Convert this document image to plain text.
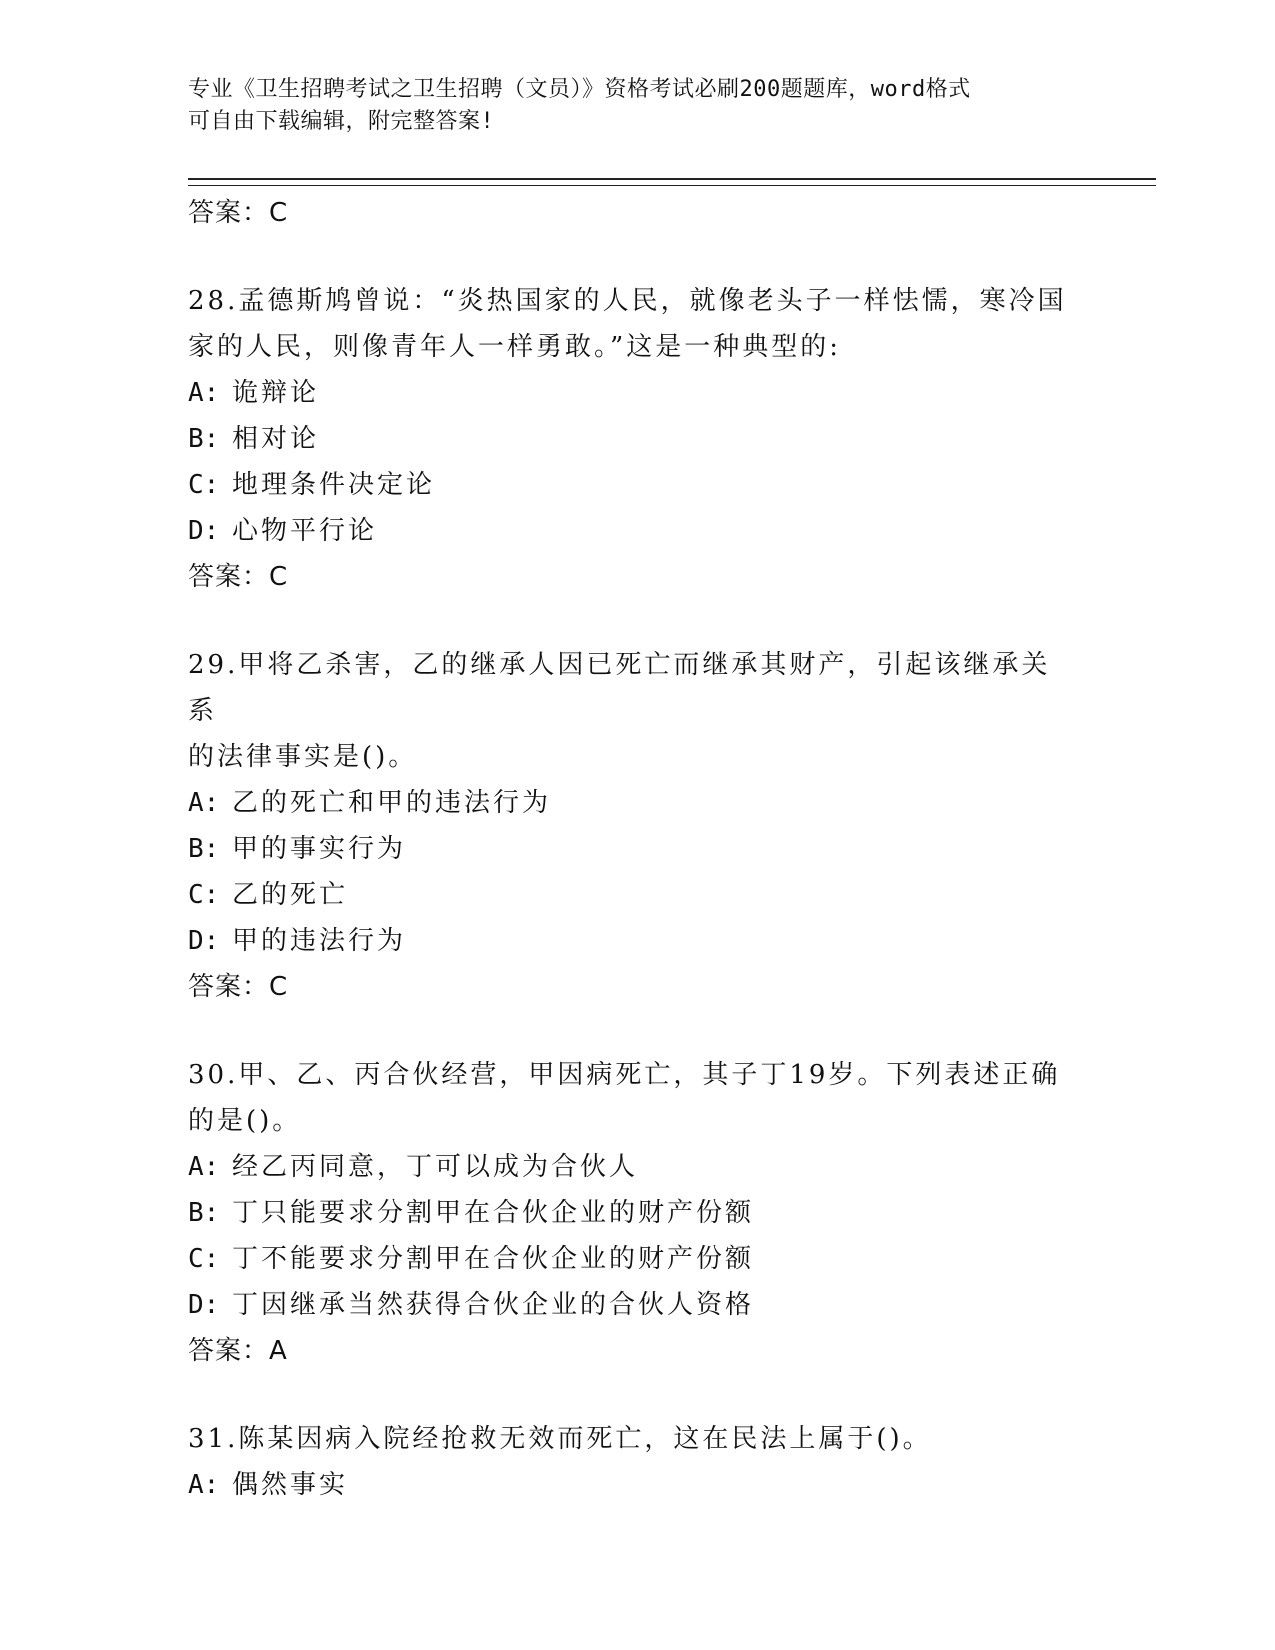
专业《卫生招聘考试之卫生招聘（文员）》资格考试必刷200题题库，word格式
可自由下载编辑，附完整答案!
答案：C
28.孟德斯鸠曾说：“炎热国家的人民，就像老头子一样怯懦，寒冷国
家的人民，则像青年人一样勇敢。”这是一种典型的:
A: 诡辩论
B: 相对论
C: 地理条件决定论
D: 心物平行论
答案：C
29.甲将乙杀害，乙的继承人因已死亡而继承其财产，引起该继承关系
的法律事实是()。
A: 乙的死亡和甲的违法行为
B: 甲的事实行为
C: 乙的死亡
D: 甲的违法行为
答案：C
30.甲、乙、丙合伙经营，甲因病死亡，其子丁19岁。下列表述正确
的是()。
A: 经乙丙同意，丁可以成为合伙人
B: 丁只能要求分割甲在合伙企业的财产份额
C: 丁不能要求分割甲在合伙企业的财产份额
D: 丁因继承当然获得合伙企业的合伙人资格
答案：A
31.陈某因病入院经抢救无效而死亡，这在民法上属于()。
A: 偶然事实
